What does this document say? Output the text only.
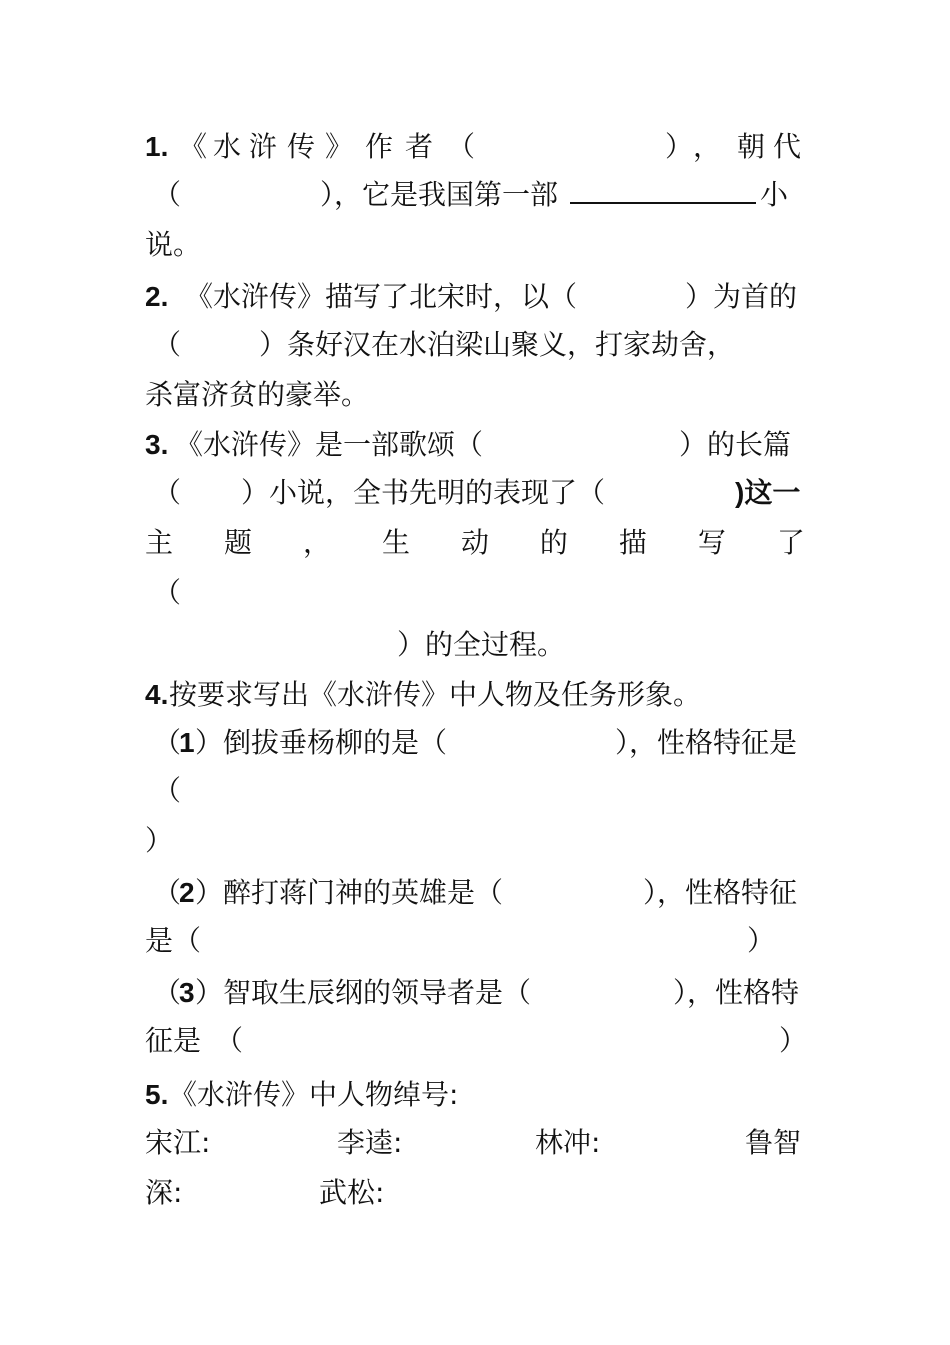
1. 《 水 浒 传 》 作 者 （	） ， 朝 代
（	），它是我国第一部	小
说。
2. 《水浒传》描写了北宋时，以（	）为首的
（	）条好汉在水泊梁山聚义，打家劫舍，
杀富济贫的豪举。
3. 《水浒传》是一部歌颂（	）的长篇
（ ）小说，全书先明的表现了（	)这一
主 题 ， 生 动 的 描 写 了
（
）的全过程。
4. 按要求写出《水浒传》中人物及任务形象。
（
1 ）倒拔垂杨柳的是（	），性格特征是
（
）
（
2 ）醉打蒋门神的英雄是（	），性格特征
是（	）
（
3 ）智取生辰纲的领导者是（	），性格特
征是　（	）
5. 《水浒传》中人物绰号:
宋江:	李逵:	林冲:	鲁智
深:	武松:
